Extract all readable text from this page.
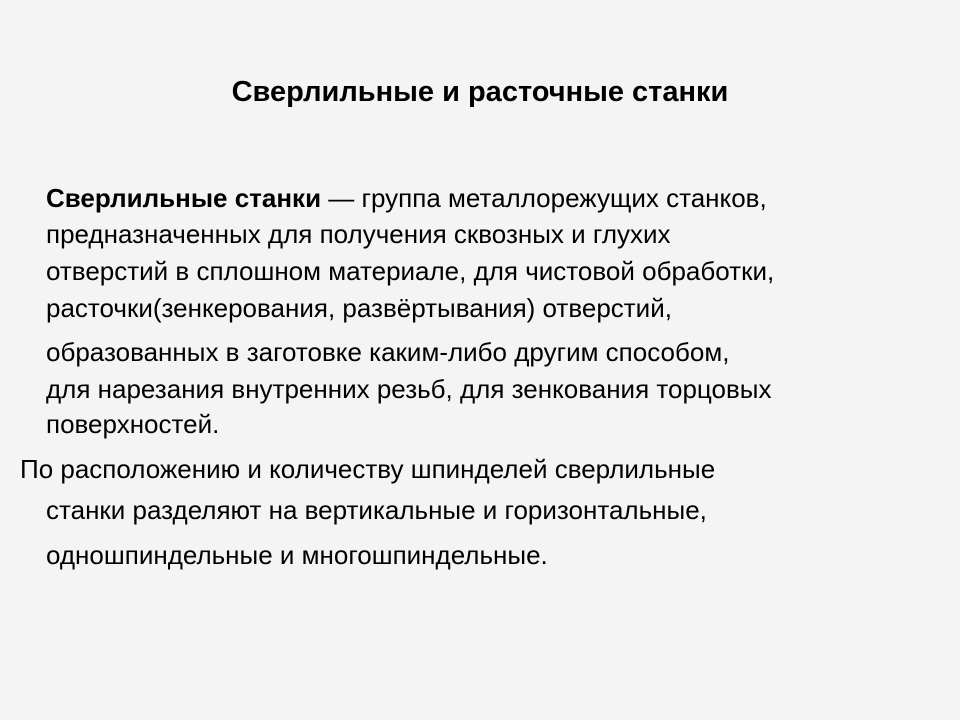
Сверлильные и расточные станки
Сверлильные станки — группа металлорежущих станков,
предназначенных для получения сквозных и глухих
отверстий в сплошном материале, для чистовой обработки,
расточки(зенкерования, развёртывания) отверстий,
образованных в заготовке каким-либо другим способом,
для нарезания внутренних резьб, для зенкования торцовых
поверхностей.
По расположению и количеству шпинделей сверлильные
станки разделяют на вертикальные и горизонтальные,
одношпиндельные и многошпиндельные.
